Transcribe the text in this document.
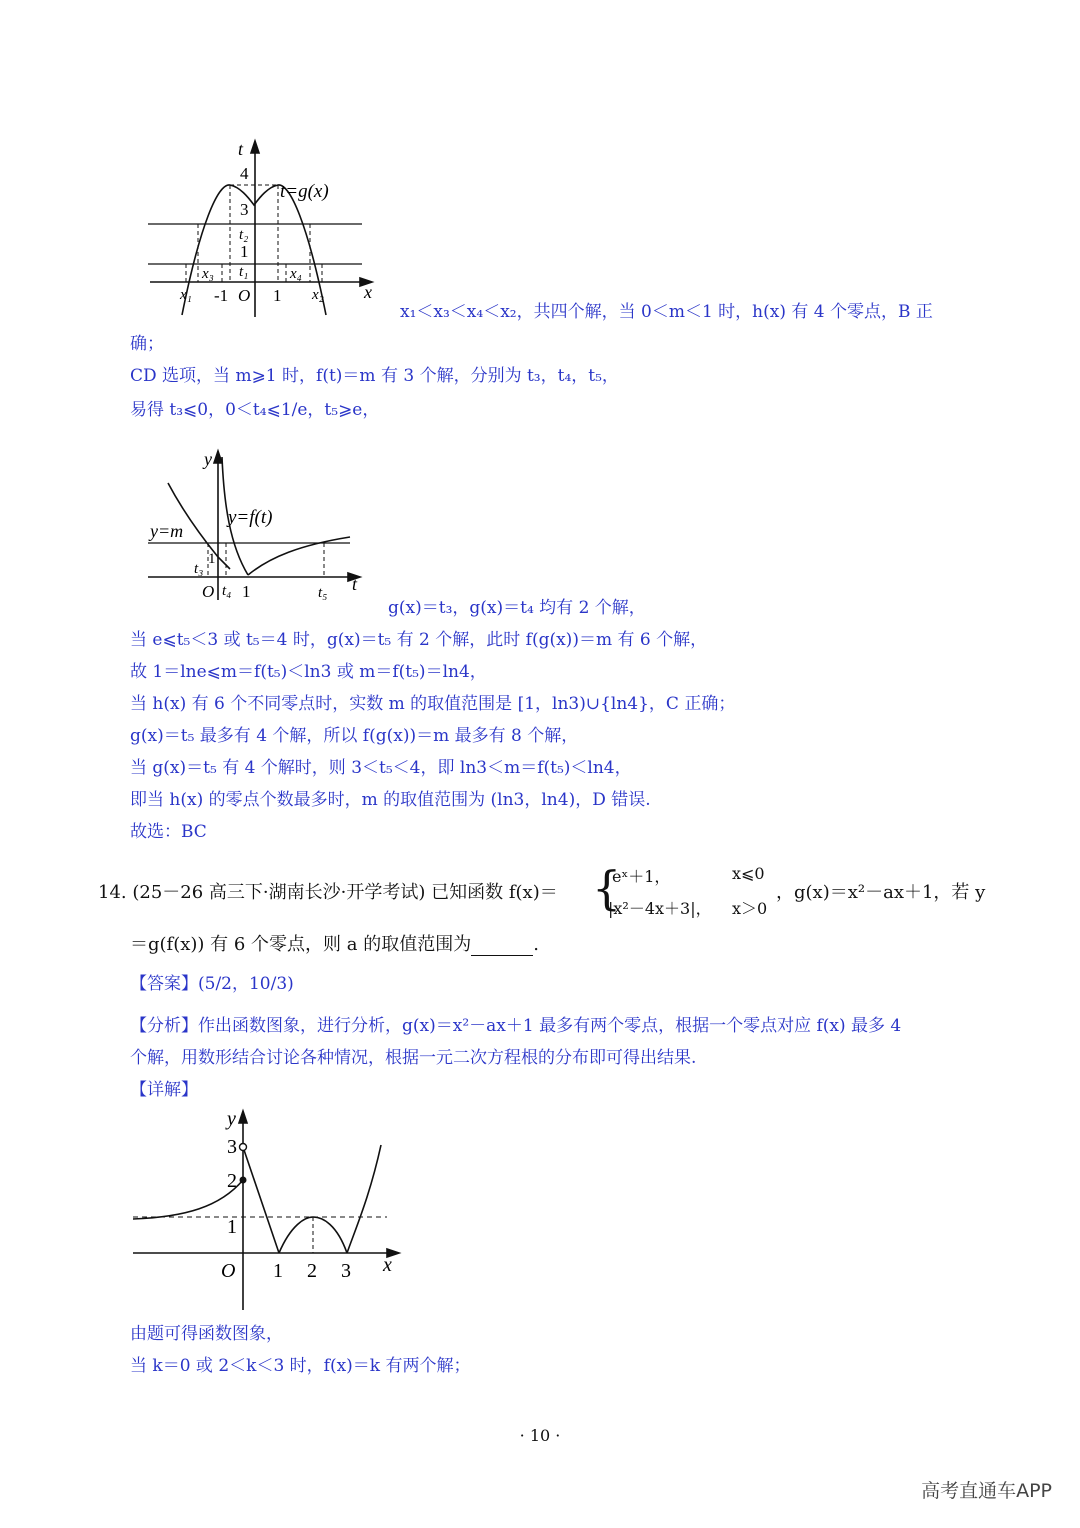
t
x
t=g(x)
4
3
t₂
1
t₁
x₁
x₃
-1 O 1
x₄
x₂
x₁＜x₃＜x₄＜x₂，共四个解，当 0＜m＜1 时，h(x) 有 4 个零点，B 正
确；
CD 选项，当 m⩾1 时，f(t)＝m 有 3 个解，分别为 t₃，t₄，t₅，
易得 t₃⩽0，0＜t₄⩽1/e，t₅⩾e，
y
t
y=f(t)
y=m
1
t₃
O t₄ 1	t₅
g(x)＝t₃，g(x)＝t₄ 均有 2 个解，
当 e⩽t₅＜3 或 t₅＝4 时，g(x)＝t₅ 有 2 个解，此时 f(g(x))＝m 有 6 个解，
故 1＝lne⩽m＝f(t₅)＜ln3 或 m＝f(t₅)＝ln4，
当 h(x) 有 6 个不同零点时，实数 m 的取值范围是 [1，ln3)∪{ln4}，C 正确；
g(x)＝t₅ 最多有 4 个解，所以 f(g(x))＝m 最多有 8 个解，
当 g(x)＝t₅ 有 4 个解时，则 3＜t₅＜4，即 ln3＜m＝f(t₅)＜ln4，
即当 h(x) 的零点个数最多时，m 的取值范围为 (ln3，ln4)，D 错误.
故选：BC
14. (25－26 高三下·湖南长沙·开学考试) 已知函数 f(x)＝ {
eˣ＋1，	x⩽0
|x²－4x＋3|， x＞0
，g(x)＝x²－ax＋1，若 y
＝g(f(x)) 有 6 个零点，则 a 的取值范围为	.
【答案】(5/2，10/3)
【分析】作出函数图象，进行分析，g(x)＝x²－ax＋1 最多有两个零点，根据一个零点对应 f(x) 最多 4
个解，用数形结合讨论各种情况，根据一元二次方程根的分布即可得出结果.
【详解】
y
x
3
2
1
O 1 2 3
由题可得函数图象，
当 k＝0 或 2＜k＜3 时，f(x)＝k 有两个解；
· 10 ·
高考直通车APP
